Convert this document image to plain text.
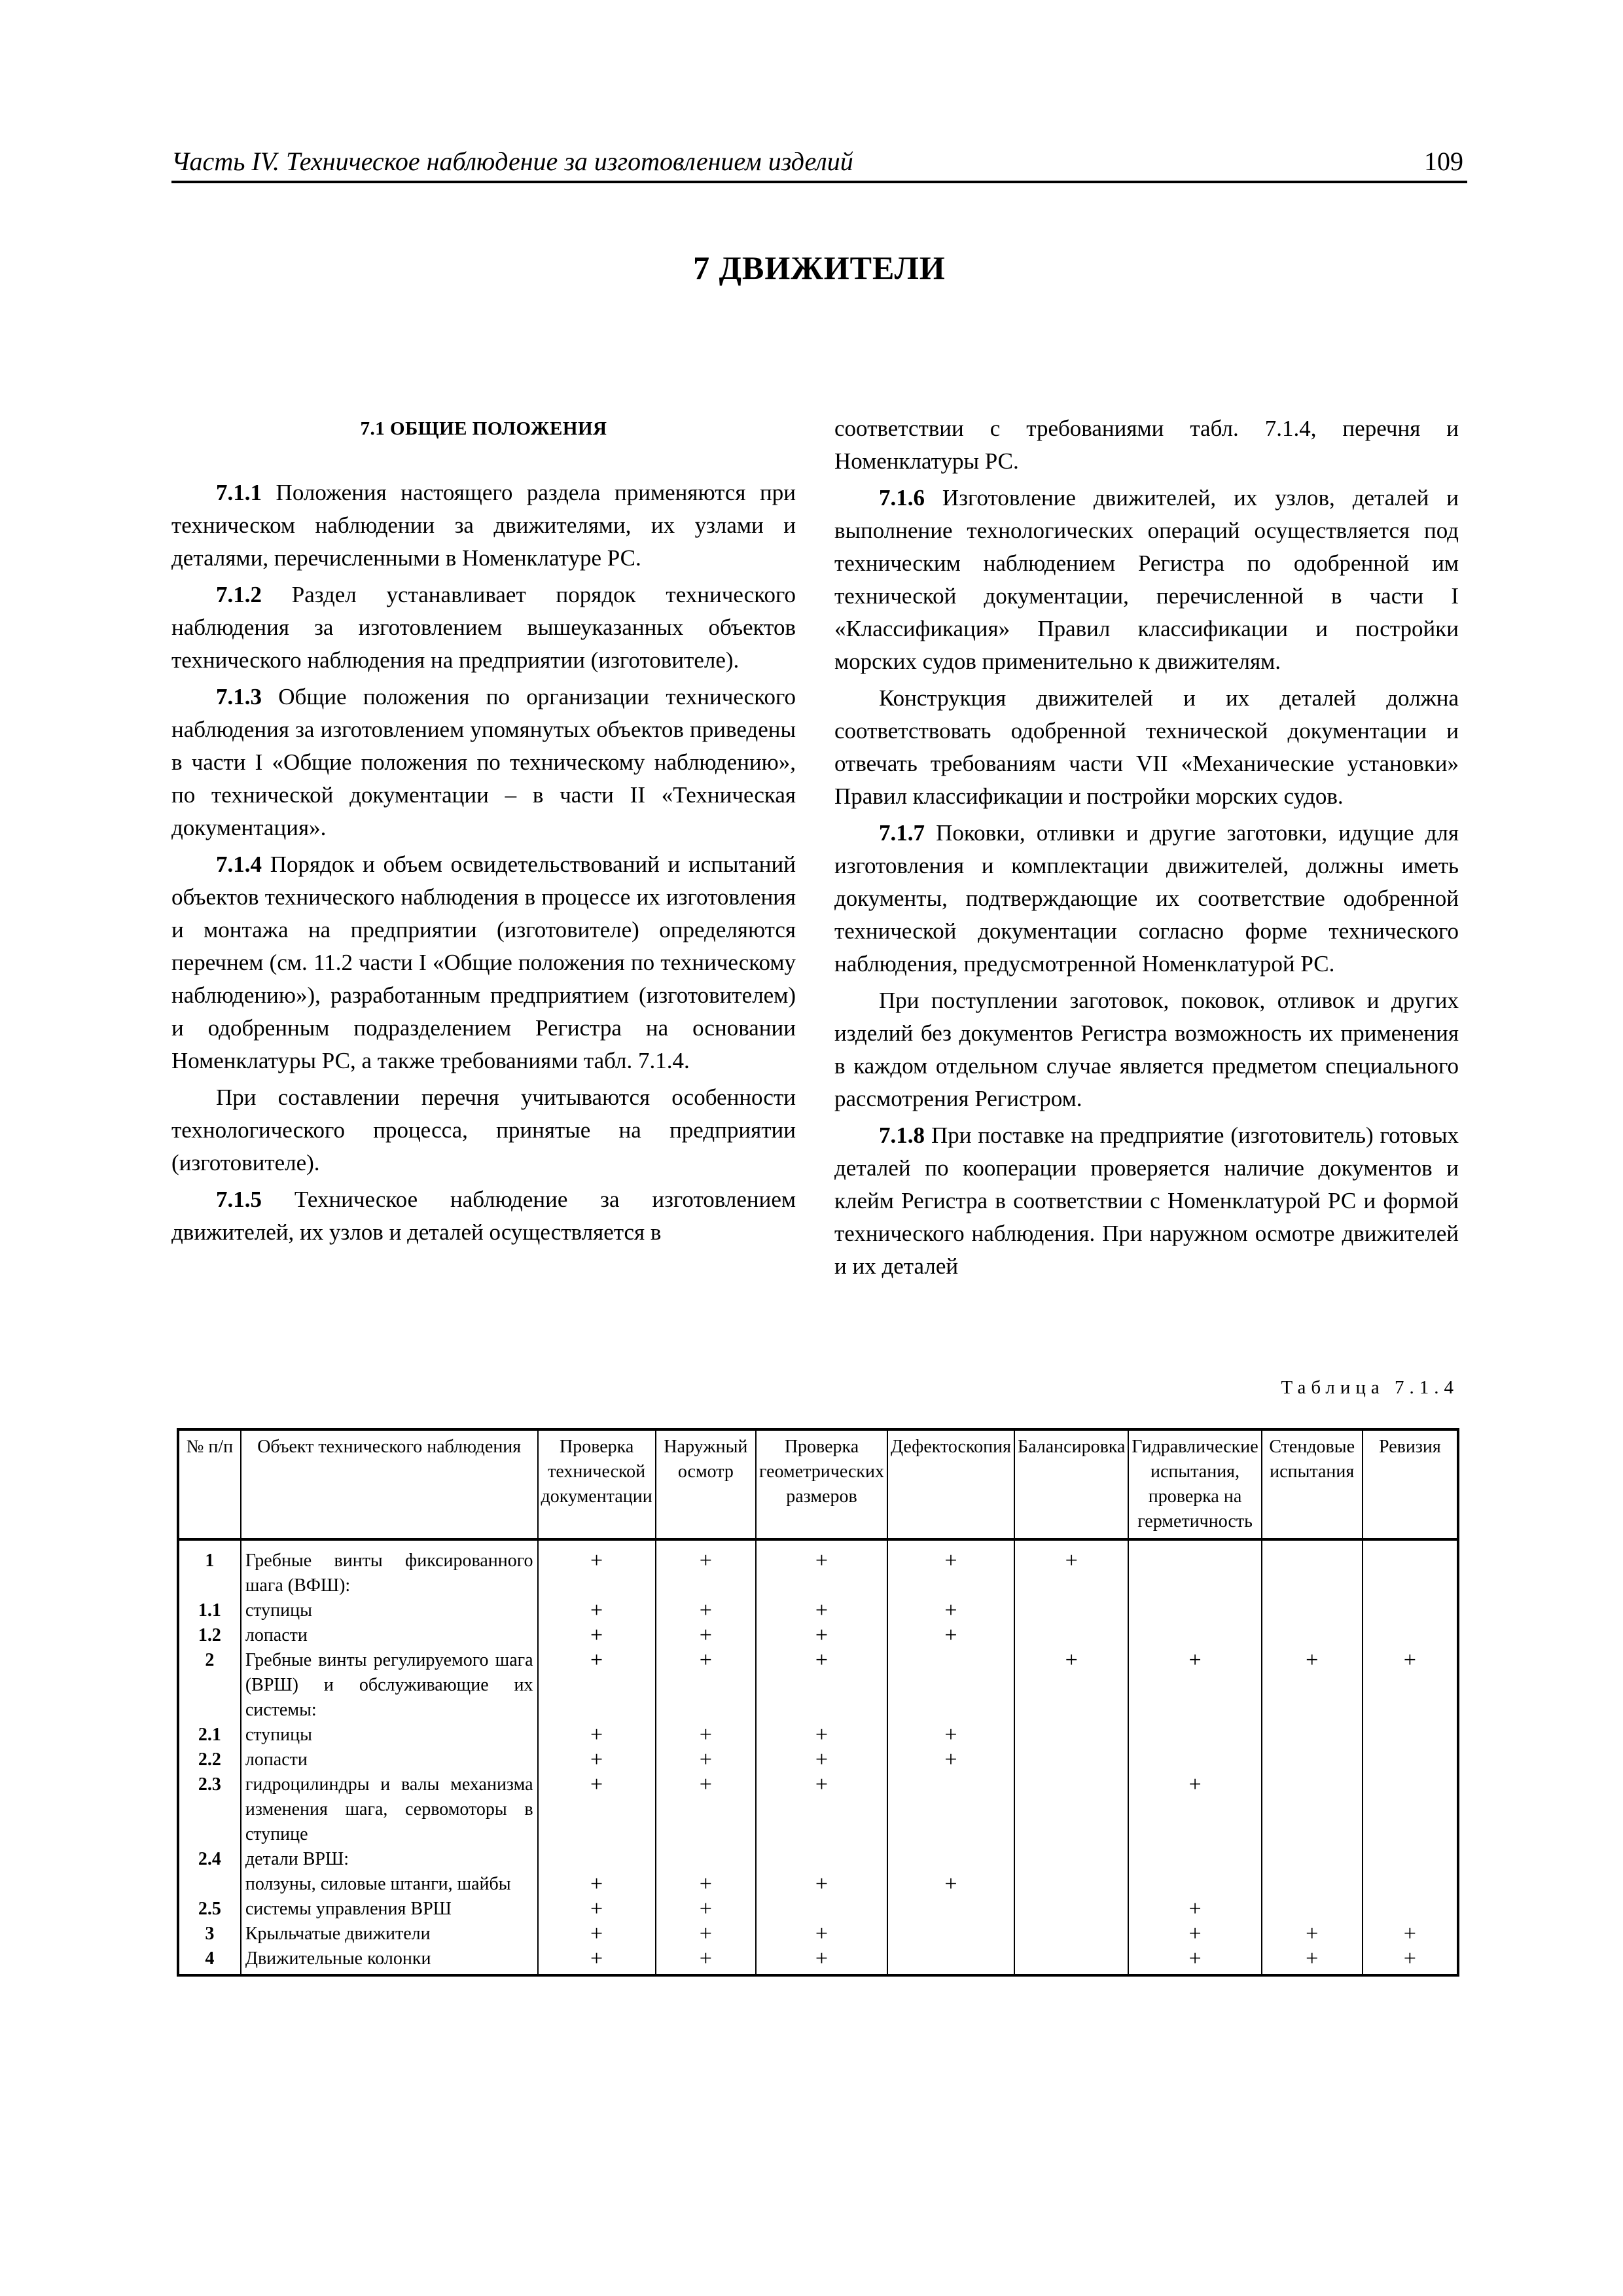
Часть IV. Техническое наблюдение за изготовлением изделий	109
7 ДВИЖИТЕЛИ
7.1 ОБЩИЕ ПОЛОЖЕНИЯ

7.1.1 Положения настоящего раздела применяются при техническом наблюдении за движителями, их узлами и деталями, перечисленными в Номенклатуре РС.

7.1.2 Раздел устанавливает порядок технического наблюдения за изготовлением вышеуказанных объектов технического наблюдения на предприятии (изготовителе).

7.1.3 Общие положения по организации технического наблюдения за изготовлением упомянутых объектов приведены в части I «Общие положения по техническому наблюдению», по технической документации – в части II «Техническая документация».

7.1.4 Порядок и объем освидетельствований и испытаний объектов технического наблюдения в процессе их изготовления и монтажа на предприятии (изготовителе) определяются перечнем (см. 11.2 части I «Общие положения по техническому наблюдению»), разработанным предприятием (изготовителем) и одобренным подразделением Регистра на основании Номенклатуры РС, а также требованиями табл. 7.1.4.

При составлении перечня учитываются особенности технологического процесса, принятые на предприятии (изготовителе).

7.1.5 Техническое наблюдение за изготовлением движителей, их узлов и деталей осуществляется в

соответствии с требованиями табл. 7.1.4, перечня и Номенклатуры РС.

7.1.6 Изготовление движителей, их узлов, деталей и выполнение технологических операций осуществляется под техническим наблюдением Регистра по одобренной им технической документации, перечисленной в части I «Классификация» Правил классификации и постройки морских судов применительно к движителям.

Конструкция движителей и их деталей должна соответствовать одобренной технической документации и отвечать требованиям части VII «Механические установки» Правил классификации и постройки морских судов.

7.1.7 Поковки, отливки и другие заготовки, идущие для изготовления и комплектации движителей, должны иметь документы, подтверждающие их соответствие одобренной технической документации согласно форме технического наблюдения, предусмотренной Номенклатурой РС.

При поступлении заготовок, поковок, отливок и других изделий без документов Регистра возможность их применения в каждом отдельном случае является предметом специального рассмотрения Регистром.

7.1.8 При поставке на предприятие (изготовитель) готовых деталей по кооперации проверяется наличие документов и клейм Регистра в соответствии с Номенклатурой РС и формой технического наблюдения. При наружном осмотре движителей и их деталей

Таблица 7.1.4
№ п/п	Объект технического наблюдения	Проверка технической документации	Наружный осмотр	Проверка геометрических размеров	Дефектоскопия	Балансировка	Гидравлические испытания, проверка на герметичность	Стендовые испытания	Ревизия
1	Гребные винты фиксированного шага (ВФШ):	+	+	+	+	+			
1.1	ступицы	+	+	+	+				
1.2	лопасти	+	+	+	+				
2	Гребные винты регулируемого шага (ВРШ) и обслуживающие их системы:	+	+	+		+	+	+	+
2.1	ступицы	+	+	+	+				
2.2	лопасти	+	+	+	+				
2.3	гидроцилиндры и валы механизма изменения шага, сервомоторы в ступице	+	+	+			+		
2.4	детали ВРШ:								
	ползуны, силовые штанги, шайбы	+	+	+	+				
2.5	системы управления ВРШ	+	+				+		
3	Крыльчатые движители	+	+	+			+	+	+
4	Движительные колонки	+	+	+			+	+	+
